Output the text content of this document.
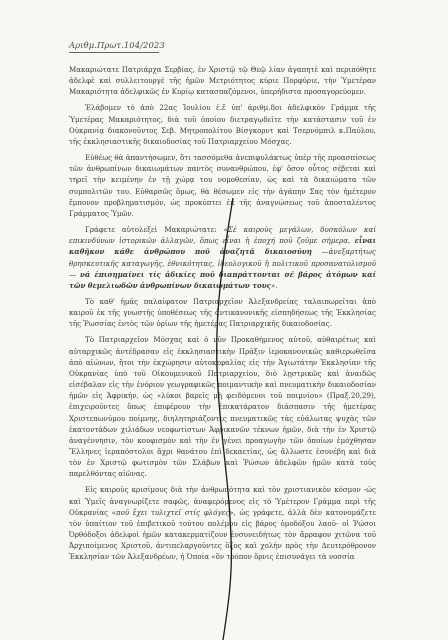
Αριθμ.Πρωτ.104/2023

Μακαριώτατε Πατριάρχα Σερβίας, ἐν Χριστῷ τῷ Θεῷ λίαν ἀγαπητὲ καὶ περιπόθητε ἀδελφὲ καὶ συλλειτουργὲ τῆς ἡμῶν Μετριότητος κύριε Πορφύριε, τὴν Ὑμετέραν Μακαριότητα ἀδελφικῶς ἐν Κυρίῳ κατασπαζόμενοι, ὑπερήδιστα προσαγορεύομεν.

Ἐλάβομεν τὸ ἀπὸ 22ας Ἰουλίου ἐ.ἔ ὑπ' ἀριθμ.8οι ἀδελφικὸν Γράμμα τῆς Ὑμετέρας Μακαριότητος, διὰ τοῦ ὁποίου διετραγῳδεῖτε τὴν κατάστασιν τοῦ ἐν Οὐκρανίᾳ διακονοῦντος Σεβ. Μητροπολίτου Βίσγκορντ καὶ Τσερνόμπιλ κ.Παύλου, τῆς ἐκκλησιαστικῆς δικαιοδοσίας τοῦ Πατριαρχείου Μόσχας.

Εὐθέως θὰ ἀπαντήσωμεν, ὅτι τασσόμεθα ἀνεπιφυλάκτως ὑπὲρ τῆς προασπίσεως τῶν ἀνθρωπίνων δικαιωμάτων παντὸς συνανθρώπου, ἐφ' ὅσον οὗτος σέβεται καὶ τηρεῖ τὴν κειμένην ἐν τῇ χώρᾳ του νομοθεσίαν, ὡς καὶ τὰ δικαιώματα τῶν συμπολιτῶν του. Εὐθαρσῶς ὅμως, θὰ θέσωμεν εἰς τὴν ἀγάπην Σας τὸν ἡμέτερον ἔμπονον προβληματισμόν, ὡς προκύπτει ἐκ τῆς ἀναγνώσεως τοῦ ἀποσταλέντος Γράμματος Ὑμῶν.

Γράφετε αὐτολεξεὶ Μακαριώτατε: «Σέ καιρούς μεγάλων, δυσκόλων καί επικινδύνων ἱστορικῶν ἀλλαγῶν, ὅπως εἶναι ἡ ἐποχή ποῦ ζοῦμε σήμερα, εἶναι καθῆκον κάθε ἀνθρώπου ποῦ ἀναζητᾶ δικαιοσύνη —ἀνεξαρτήτως θρησκευτικῆς καταγωγῆς, ἐθνικότητας, ἰδεολογικοῦ ἢ πολιτικοῦ προσανατολισμοῦ— νά ἐπισημαίνει τίς ἀδικίες ποῦ διαπράττονται σέ βάρος ἀτόμων καί τῶν θεμελιωδῶν ἀνθρωπίνων δικαιωμάτων τους».

Τὸ καθ' ἡμᾶς παλαίφατον Πατριαρχεῖον Ἀλεξανδρείας ταλαιπωρεῖται ἀπὸ καιροῦ ἐκ τῆς γνωστῆς ὑποθέσεως τῆς ἀντικανονικῆς εἰσπηδήσεως τῆς Ἐκκλησίας τῆς Ῥωσσίας ἐντὸς τῶν ὁρίων τῆς ἡμετέρας Πατριαρχικῆς δικαιοδοσίας.

Τὸ Πατριαρχεῖον Μόσχας καὶ ὁ νῦν Προκαθήμενος αὐτοῦ, αὐθαιρέτως καὶ αὐταρχικῶς ἀντέδρασαν εἰς ἐκκλησιαστικὴν Πρᾶξιν ἱεροκανονικῶς καθιερωθεῖσα ἀπὸ αἰώνων, ἤτοι τὴν ἐκχώρησιν αὐτοκεφαλίας εἰς τὴν Ἁγιωτάτην Ἐκκλησίαν τῆς Οὐκρανίας ὑπὸ τοῦ Οἰκουμενικοῦ Πατριαρχείου, διὸ λῃστρικῶς καὶ ἀναιδῶς εἰσέβαλαν εἰς τὴν ἐνόριον γεωγραφικῶς ποιμαντικὴν καὶ πνευματικὴν δικαιοδοσίαν ἡμῶν εἰς Ἀφρικήν, ὡς «λύκοι βαρεῖς μὴ φειδόμενοι τοῦ ποιμνίου» (Πραξ.20,29), ἐπιχειροῦντες ὅπως ἐπιφέρουν τὴν ἐπικατάρατον διάσπασιν τῆς ἡμετέρας Χριστεπωνύμου ποίμνης, διηλητηριάζοντες πνευματικῶς τὰς εὐάλωτας ψυχὰς τῶν ἑκατοντάδων χιλιάδων νεοφωτίστων Ἀφρικανῶν τέκνων ἡμῶν, διὰ τὴν ἐν Χριστῷ ἀναγέννησιν, τὸν κουφισμὸν καὶ τὴν ἐν γένει προαγωγὴν τῶν ὁποίων ἐμόχθησαν Ἕλληνες ἱεραπόστολοι ἄχρι θανάτου ἐπὶ δεκαετίας, ὡς ἄλλωστε ἐσυνέβη καὶ διὰ τὸν ἐν Χριστῷ φωτισμὸν τῶν Σλάβων καὶ Ῥώσων ἀδελφῶν ἡμῶν κατὰ τοὺς παρελθόντας αἰῶνας.

Εἰς καιροὺς κρισίμους διὰ τὴν ἀνθρωπότητα καὶ τὸν χριστιανικὸν κόσμον -ὡς καὶ Ὑμεῖς ἀναγνωρίζετε σαφῶς, ἀναφερόμενος εἰς τὸ Ὑμέτερον Γράμμα περὶ τῆς Οὐκρανίας «ποῦ ἔχει τυλιχτεῖ στίς φλόγες», ὡς γράφετε, ἀλλὰ δὲν κατονομάζετε τὸν ὑπαίτιον τοῦ ἐπιβετικοῦ τούτου πολέμου εἰς βάρος ὁμοδόξου λαοῦ- οἱ Ῥώσοι Ὀρθόδοξοι ἀδελφοὶ ἡμῶν κατακερματίζουν ἐνσυνειδήτως τὸν ἄρραφον χιτῶνα τοῦ Ἀρχιποίμενος Χριστοῦ, ἀντιπελαργοῦντες ὅξος καὶ χολὴν πρὸς τὴν Δευτερόθρονον Ἐκκλησίαν τῶν Ἀλεξανδρέων, ἡ Ὁποία «ὃν τρόπον ὄρνις ἐπισυνάγει τὰ νοσσία
